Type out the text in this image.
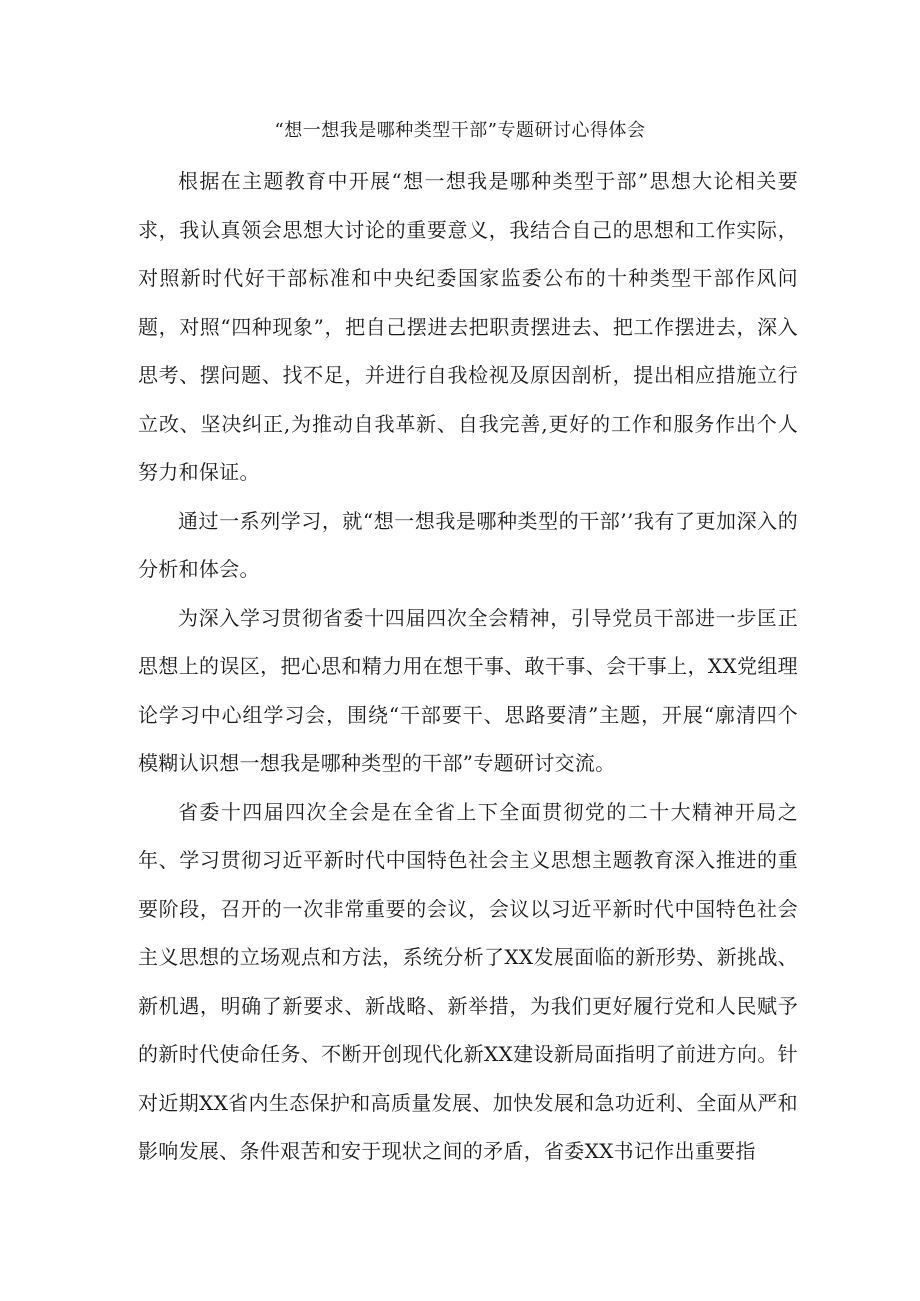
“想一想我是哪种类型干部”专题研讨心得体会

根据在主题教育中开展“想一想我是哪种类型于部”思想大论相关要求，我认真领会思想大讨论的重要意义，我结合自己的思想和工作实际，对照新时代好干部标准和中央纪委国家监委公布的十种类型干部作风问题，对照“四种现象”，把自己摆进去把职责摆进去、把工作摆进去，深入思考、摆问题、找不足，并进行自我检视及原因剖析，提出相应措施立行立改、坚决纠正,为推动自我革新、自我完善,更好的工作和服务作出个人努力和保证。

通过一系列学习，就“想一想我是哪种类型的干部’’我有了更加深入的分析和体会。

为深入学习贯彻省委十四届四次全会精神，引导党员干部进一步匡正思想上的误区，把心思和精力用在想干事、敢干事、会干事上，XX党组理论学习中心组学习会，围绕“干部要干、思路要清”主题，开展“廓清四个模糊认识想一想我是哪种类型的干部”专题研讨交流。

省委十四届四次全会是在全省上下全面贯彻党的二十大精神开局之年、学习贯彻习近平新时代中国特色社会主义思想主题教育深入推进的重要阶段，召开的一次非常重要的会议，会议以习近平新时代中国特色社会主义思想的立场观点和方法，系统分析了XX发展面临的新形势、新挑战、新机遇，明确了新要求、新战略、新举措，为我们更好履行党和人民赋予的新时代使命任务、不断开创现代化新XX建设新局面指明了前进方向。针对近期XX省内生态保护和高质量发展、加快发展和急功近利、全面从严和影响发展、条件艰苦和安于现状之间的矛盾，省委XX书记作出重要指
